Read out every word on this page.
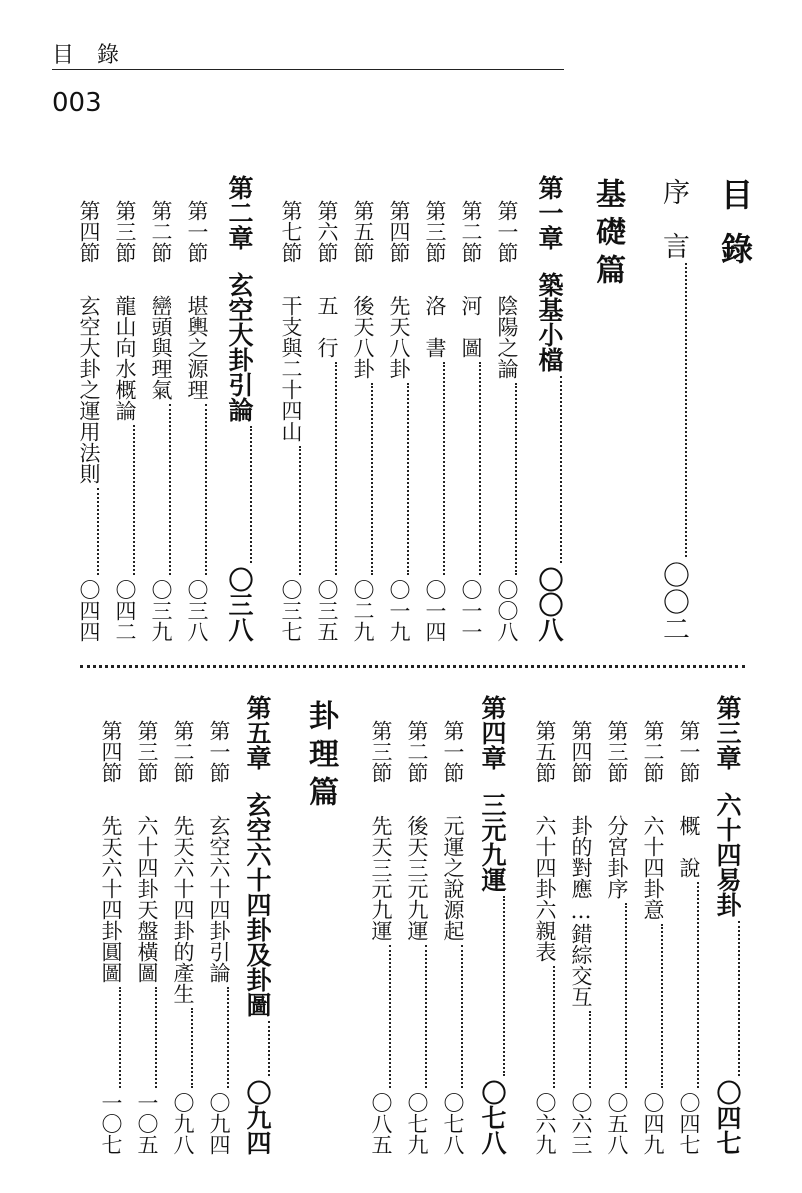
目 錄
003
目錄
序　言
〇〇二
基礎篇
第一章
築基小檔
〇〇八
第一節
陰陽之論
〇〇八
第二節
河　圖
〇一一
第三節
洛　書
〇一四
第四節
先天八卦
〇一九
第五節
後天八卦
〇二九
第六節
五　行
〇三五
第七節
干支與二十四山
〇三七
第二章
玄空大卦引論
〇三八
第一節
堪輿之源理
〇三八
第二節
巒頭與理氣
〇三九
第三節
龍山向水概論
〇四二
第四節
玄空大卦之運用法則
〇四四
第三章
六十四易卦
〇四七
第一節
概　說
〇四七
第二節
六十四卦意
〇四九
第三節
分宮卦序
〇五八
第四節
卦的對應…錯綜交互
〇六三
第五節
六十四卦六親表
〇六九
第四章
三元九運
〇七八
第一節
元運之說源起
〇七八
第二節
後天三元九運
〇七九
第三節
先天三元九運
〇八五
卦理篇
第五章
玄空六十四卦及卦圖
〇九四
第一節
玄空六十四卦引論
〇九四
第二節
先天六十四卦的產生
〇九八
第三節
六十四卦天盤橫圖
一〇五
第四節
先天六十四卦圓圖
一〇七
